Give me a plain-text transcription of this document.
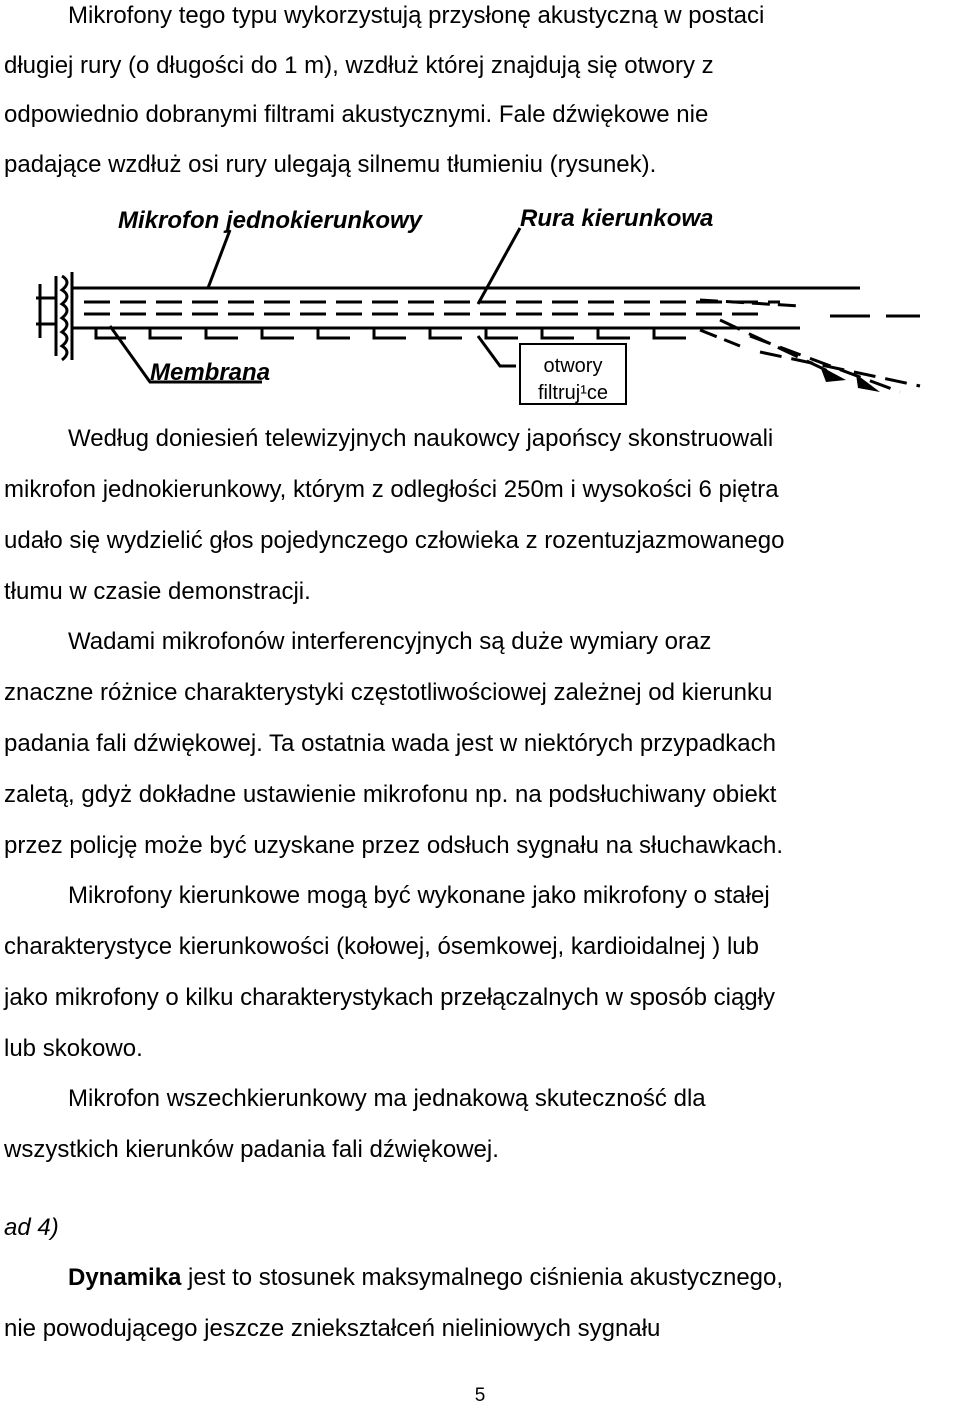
Mikrofony tego typu wykorzystują przysłonę akustyczną w postaci

długiej rury (o długości do 1 m), wzdłuż której znajdują się otwory z

odpowiednio dobranymi filtrami akustycznymi. Fale dźwiękowe nie

padające wzdłuż osi rury ulegają silnemu tłumieniu (rysunek).

Mikrofon jednokierunkowy	Rura kierunkowa
Membrana	otwory
filtruj¹ce

Według doniesień telewizyjnych naukowcy japońscy skonstruowali

mikrofon jednokierunkowy, którym z odległości 250m i wysokości 6 piętra

udało się wydzielić głos pojedynczego człowieka z rozentuzjazmowanego

tłumu w czasie demonstracji.

Wadami mikrofonów interferencyjnych są duże wymiary oraz

znaczne różnice charakterystyki częstotliwościowej zależnej od kierunku

padania fali dźwiękowej. Ta ostatnia wada jest w niektórych przypadkach

zaletą, gdyż dokładne ustawienie mikrofonu np. na podsłuchiwany obiekt

przez policję może być uzyskane przez odsłuch sygnału na słuchawkach.

Mikrofony kierunkowe mogą być wykonane jako mikrofony o stałej

charakterystyce kierunkowości (kołowej, ósemkowej, kardioidalnej ) lub

jako mikrofony o kilku charakterystykach przełączalnych w sposób ciągły

lub skokowo.

Mikrofon wszechkierunkowy ma jednakową skuteczność dla

wszystkich kierunków padania fali dźwiękowej.

ad 4)

Dynamika jest to stosunek maksymalnego ciśnienia akustycznego,

nie powodującego jeszcze zniekształceń nieliniowych sygnału

5
